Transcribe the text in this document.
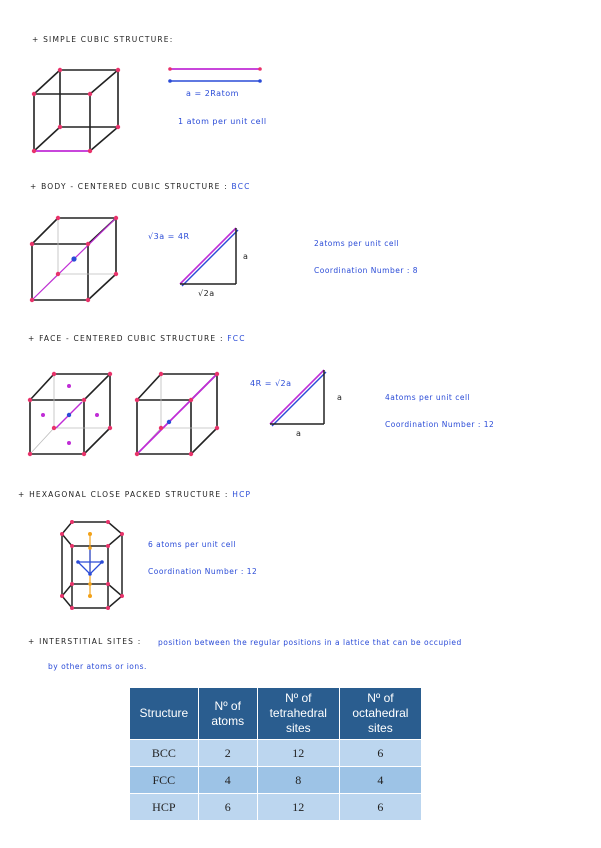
+ SIMPLE CUBIC STRUCTURE:
a = 2Ratom
1 atom per unit cell
+ BODY - CENTERED CUBIC STRUCTURE : BCC
√3a = 4R
a
√2a
2atoms per unit cell
Coordination Number : 8
+ FACE - CENTERED CUBIC STRUCTURE : FCC
4R = √2a
a
a
4atoms per unit cell
Coordination Number : 12
+ HEXAGONAL CLOSE PACKED STRUCTURE : HCP
6 atoms per unit cell
Coordination Number : 12
+ INTERSTITIAL SITES : position between the regular positions in a lattice that can be occupied
by other atoms or ions.
Structure	Nº of atoms	Nº of tetrahedral sites	Nº of octahedral sites
BCC	2	12	6
FCC	4	8	4
HCP	6	12	6
